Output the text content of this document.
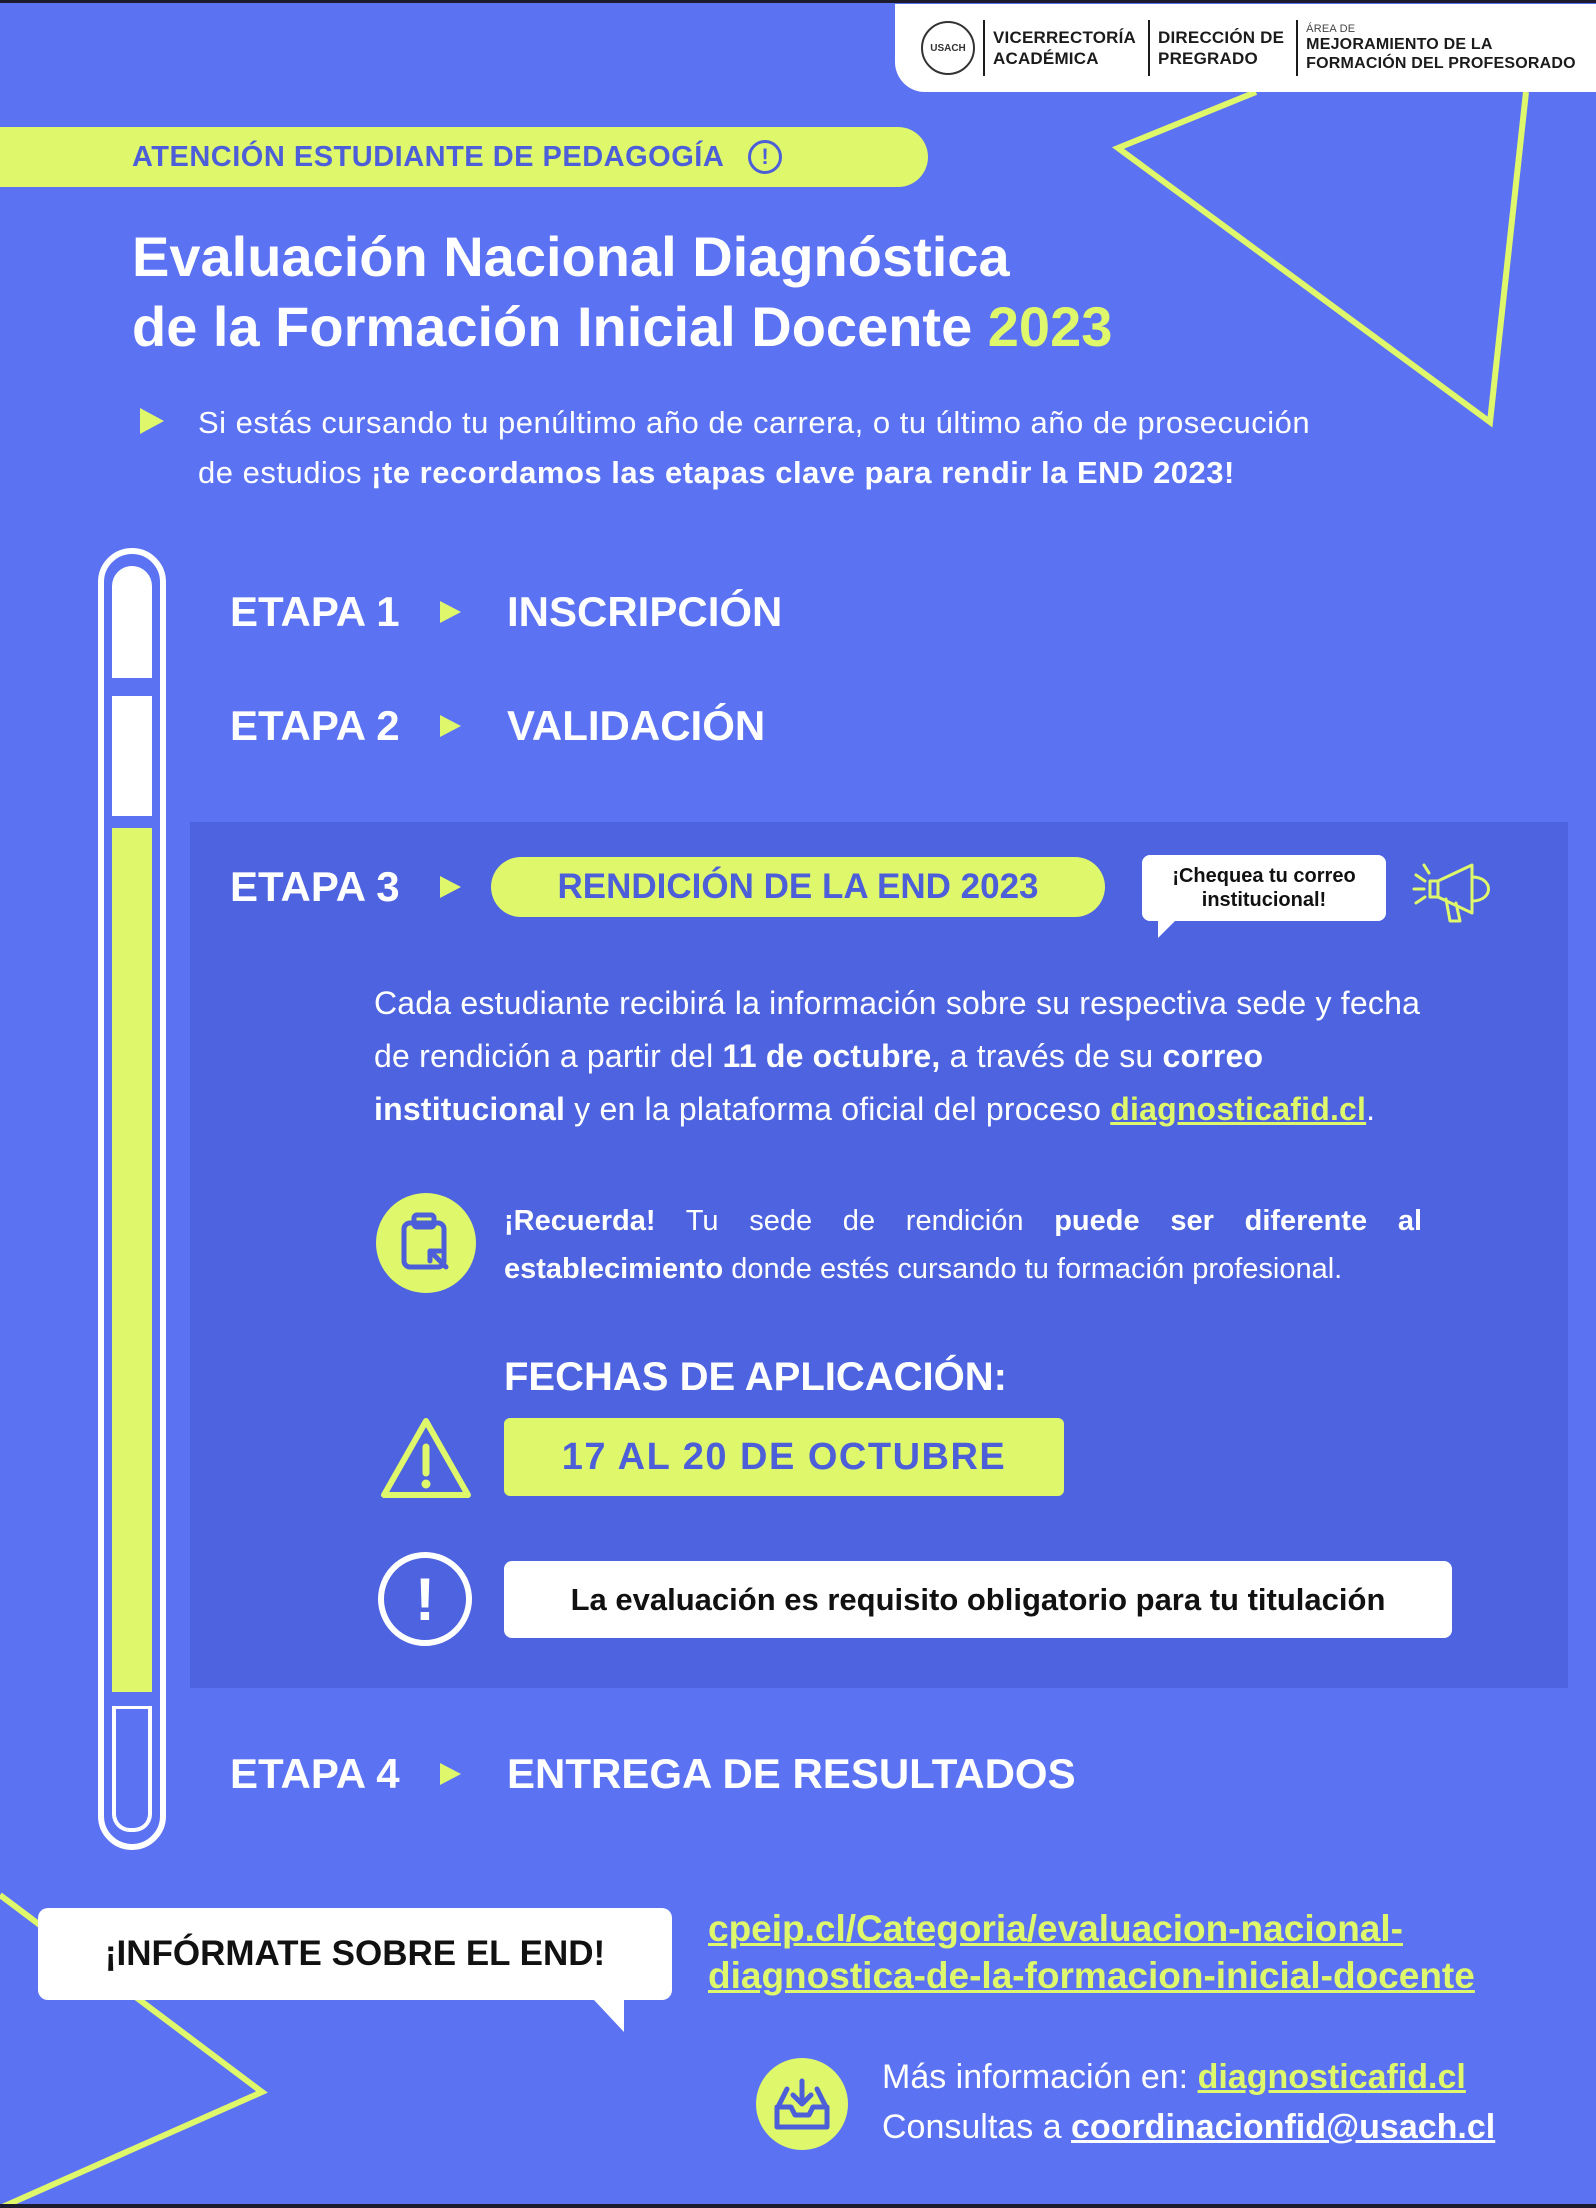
USACH
VICERRECTORÍA
ACADÉMICA
DIRECCIÓN DE
PREGRADO
ÁREA DE
MEJORAMIENTO DE LA
FORMACIÓN DEL PROFESORADO
ATENCIÓN ESTUDIANTE DE PEDAGOGÍA	!
Evaluación Nacional Diagnóstica
de la Formación Inicial Docente 2023
Si estás cursando tu penúltimo año de carrera, o tu último año de prosecución de estudios ¡te recordamos las etapas clave para rendir la END 2023!
ETAPA 1	INSCRIPCIÓN
ETAPA 2	VALIDACIÓN
ETAPA 3	RENDICIÓN DE LA END 2023
ETAPA 4	ENTREGA DE RESULTADOS
¡Chequea tu correo
institucional!
Cada estudiante recibirá la información sobre su respectiva sede y fecha de rendición a partir del 11 de octubre, a través de su correo institucional y en la plataforma oficial del proceso diagnosticafid.cl.
¡Recuerda! Tu sede de rendición puede ser diferente al establecimiento donde estés cursando tu formación profesional.
FECHAS DE APLICACIÓN:
17 AL 20 DE OCTUBRE
!	La evaluación es requisito obligatorio para tu titulación
¡INFÓRMATE SOBRE EL END!
cpeip.cl/Categoria/evaluacion-nacional-
diagnostica-de-la-formacion-inicial-docente
Más información en: diagnosticafid.cl
Consultas a coordinacionfid@usach.cl
